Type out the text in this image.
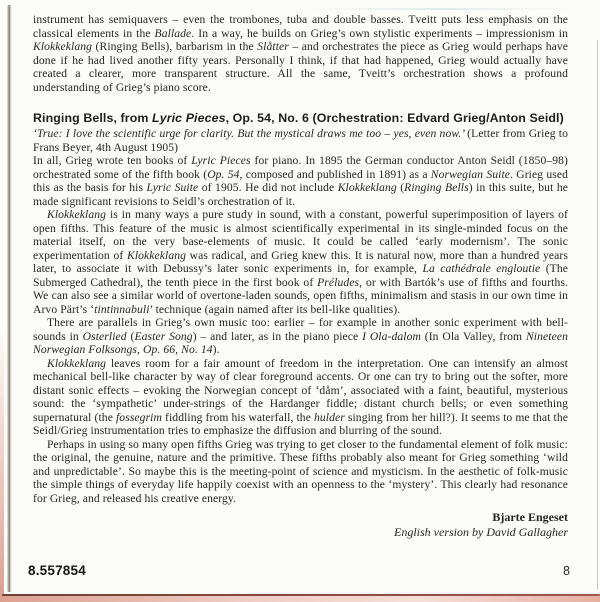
instrument has semiquavers – even the trombones, tuba and double basses. Tveitt puts less emphasis on the classical elements in the Ballade. In a way, he builds on Grieg’s own stylistic experiments – impressionism in Klokkeklang (Ringing Bells), barbarism in the Slåtter – and orchestrates the piece as Grieg would perhaps have done if he had lived another fifty years. Personally I think, if that had happened, Grieg would actually have created a clearer, more transparent structure. All the same, Tveitt’s orchestration shows a profound understanding of Grieg’s piano score.

Ringing Bells, from Lyric Pieces, Op. 54, No. 6 (Orchestration: Edvard Grieg/Anton Seidl)

‘True: I love the scientific urge for clarity. But the mystical draws me too – yes, even now.’ (Letter from Grieg to Frans Beyer, 4th August 1905)

In all, Grieg wrote ten books of Lyric Pieces for piano. In 1895 the German conductor Anton Seidl (1850–98) orchestrated some of the fifth book (Op. 54, composed and published in 1891) as a Norwegian Suite. Grieg used this as the basis for his Lyric Suite of 1905. He did not include Klokkeklang (Ringing Bells) in this suite, but he made significant revisions to Seidl’s orchestration of it.

Klokkeklang is in many ways a pure study in sound, with a constant, powerful superimposition of layers of open fifths. This feature of the music is almost scientifically experimental in its single-minded focus on the material itself, on the very base-elements of music. It could be called ‘early modernism’. The sonic experimentation of Klokkeklang was radical, and Grieg knew this. It is natural now, more than a hundred years later, to associate it with Debussy’s later sonic experiments in, for example, La cathédrale engloutie (The Submerged Cathedral), the tenth piece in the first book of Préludes, or with Bartók’s use of fifths and fourths. We can also see a similar world of overtone-laden sounds, open fifths, minimalism and stasis in our own time in Arvo Pärt’s ‘tintinnabuli’ technique (again named after its bell-like qualities).

There are parallels in Grieg’s own music too: earlier – for example in another sonic experiment with bell-sounds in Osterlied (Easter Song) – and later, as in the piano piece I Ola-dalom (In Ola Valley, from Nineteen Norwegian Folksongs, Op. 66, No. 14).

Klokkeklang leaves room for a fair amount of freedom in the interpretation. One can intensify an almost mechanical bell-like character by way of clear foreground accents. Or one can try to bring out the softer, more distant sonic effects – evoking the Norwegian concept of ‘dåm’, associated with a faint, beautiful, mysterious sound: the ‘sympathetic’ under-strings of the Hardanger fiddle; distant church bells; or even something supernatural (the fossegrim fiddling from his waterfall, the hulder singing from her hill?). It seems to me that the Seidl/Grieg instrumentation tries to emphasize the diffusion and blurring of the sound.

Perhaps in using so many open fifths Grieg was trying to get closer to the fundamental element of folk music: the original, the genuine, nature and the primitive. These fifths probably also meant for Grieg something ‘wild and unpredictable’. So maybe this is the meeting-point of science and mysticism. In the aesthetic of folk-music the simple things of everyday life happily coexist with an openness to the ‘mystery’. This clearly had resonance for Grieg, and released his creative energy.

Bjarte Engeset
English version by David Gallagher
8.557854	8
